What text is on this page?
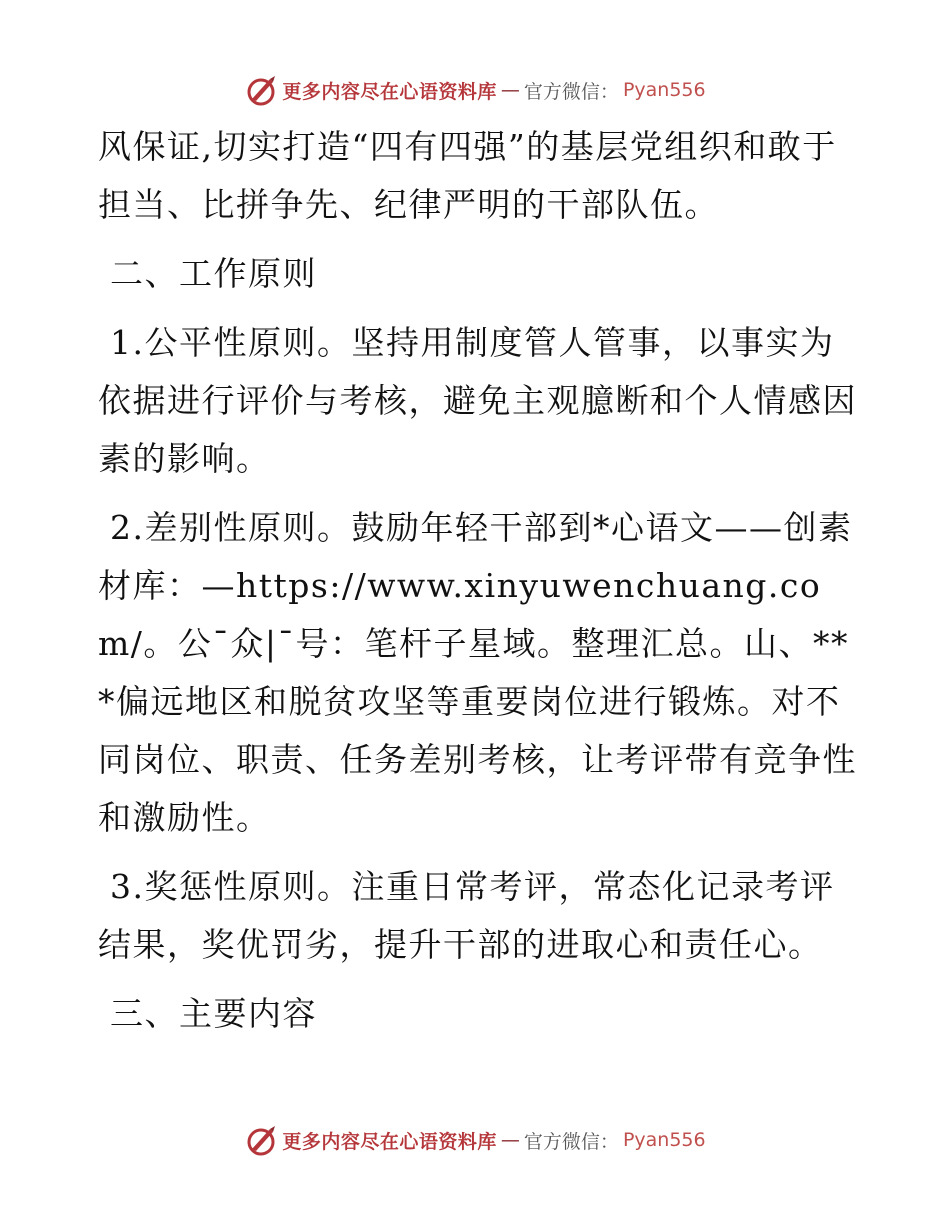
更多内容尽在心语资料库 — 官方微信： Pyan556

风保证,切实打造“四有四强”的基层党组织和敢于担当、比拼争先、纪律严明的干部队伍。

二、工作原则

1.公平性原则。坚持用制度管人管事，以事实为依据进行评价与考核，避免主观臆断和个人情感因素的影响。

2.差别性原则。鼓励年轻干部到*心语文——创素材库：—https://www.xinyuwenchuang.com/。公¯众|¯号：笔杆子星域。整理汇总。山、***偏远地区和脱贫攻坚等重要岗位进行锻炼。对不同岗位、职责、任务差别考核，让考评带有竞争性和激励性。

3.奖惩性原则。注重日常考评，常态化记录考评结果，奖优罚劣，提升干部的进取心和责任心。

三、主要内容

更多内容尽在心语资料库 — 官方微信： Pyan556
